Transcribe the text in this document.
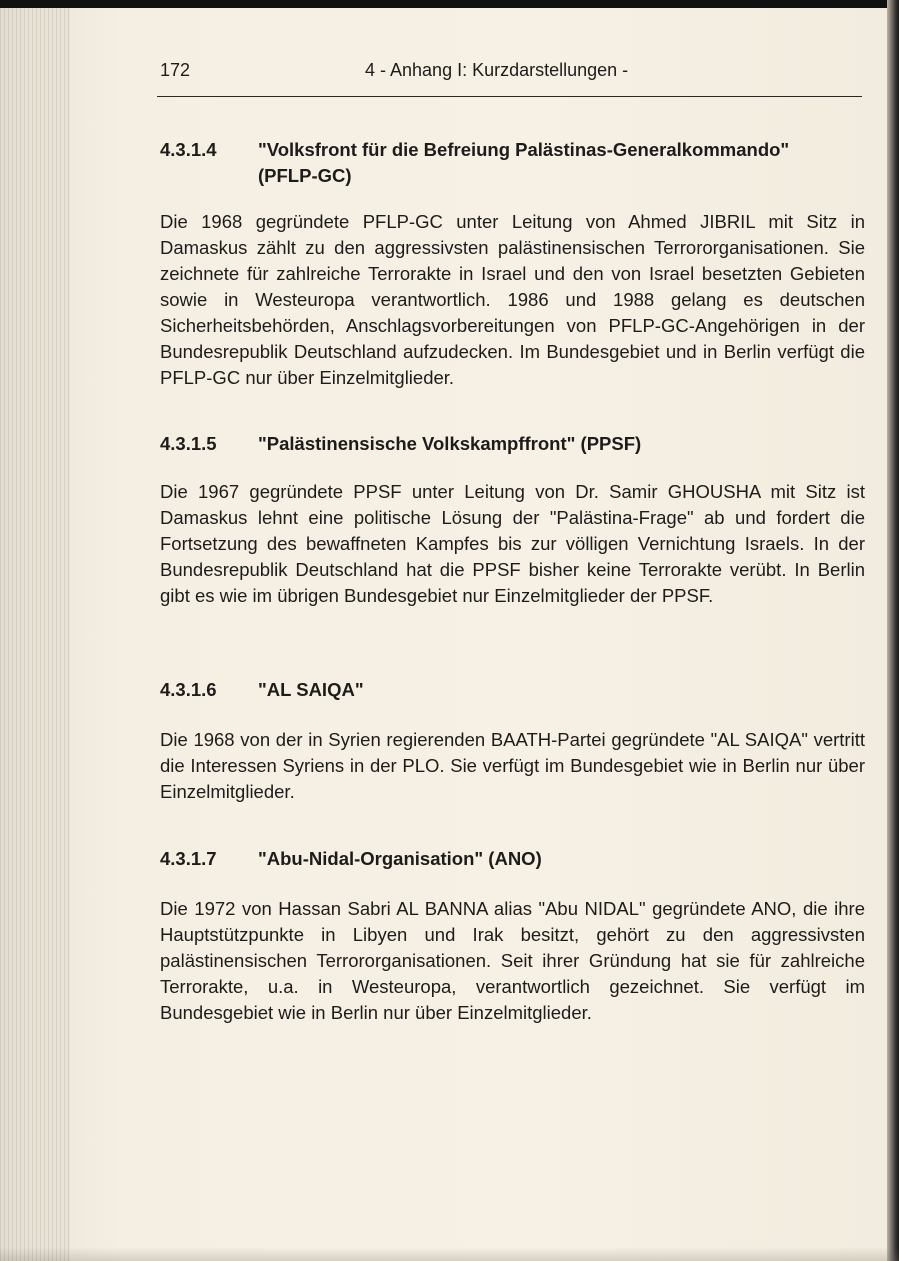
172	4 - Anhang I: Kurzdarstellungen -
4.3.1.4	"Volksfront für die Befreiung Palästinas-Generalkommando"
(PFLP-GC)
Die 1968 gegründete PFLP-GC unter Leitung von Ahmed JIBRIL mit Sitz in Damaskus zählt zu den aggressivsten palästinensischen Terrororganisationen. Sie zeichnete für zahlreiche Terrorakte in Israel und den von Israel besetzten Gebieten sowie in Westeuropa verantwortlich. 1986 und 1988 gelang es deutschen Sicherheitsbehörden, Anschlagsvorbereitungen von PFLP-GC-Angehörigen in der Bundesrepublik Deutschland aufzudecken. Im Bundesgebiet und in Berlin verfügt die PFLP-GC nur über Einzelmitglieder.
4.3.1.5	"Palästinensische Volkskampffront" (PPSF)
Die 1967 gegründete PPSF unter Leitung von Dr. Samir GHOUSHA mit Sitz ist Damaskus lehnt eine politische Lösung der "Palästina-Frage" ab und fordert die Fortsetzung des bewaffneten Kampfes bis zur völligen Vernichtung Israels. In der Bundesrepublik Deutschland hat die PPSF bisher keine Terrorakte verübt. In Berlin gibt es wie im übrigen Bundesgebiet nur Einzelmitglieder der PPSF.
4.3.1.6	"AL SAIQA"
Die 1968 von der in Syrien regierenden BAATH-Partei gegründete "AL SAIQA" vertritt die Interessen Syriens in der PLO. Sie verfügt im Bundesgebiet wie in Berlin nur über Einzelmitglieder.
4.3.1.7	"Abu-Nidal-Organisation" (ANO)
Die 1972 von Hassan Sabri AL BANNA alias "Abu NIDAL" gegründete ANO, die ihre Hauptstützpunkte in Libyen und Irak besitzt, gehört zu den aggressivsten palästinensischen Terrororganisationen. Seit ihrer Gründung hat sie für zahlreiche Terrorakte, u.a. in Westeuropa, verantwortlich gezeichnet. Sie verfügt im Bundesgebiet wie in Berlin nur über Einzelmitglieder.
